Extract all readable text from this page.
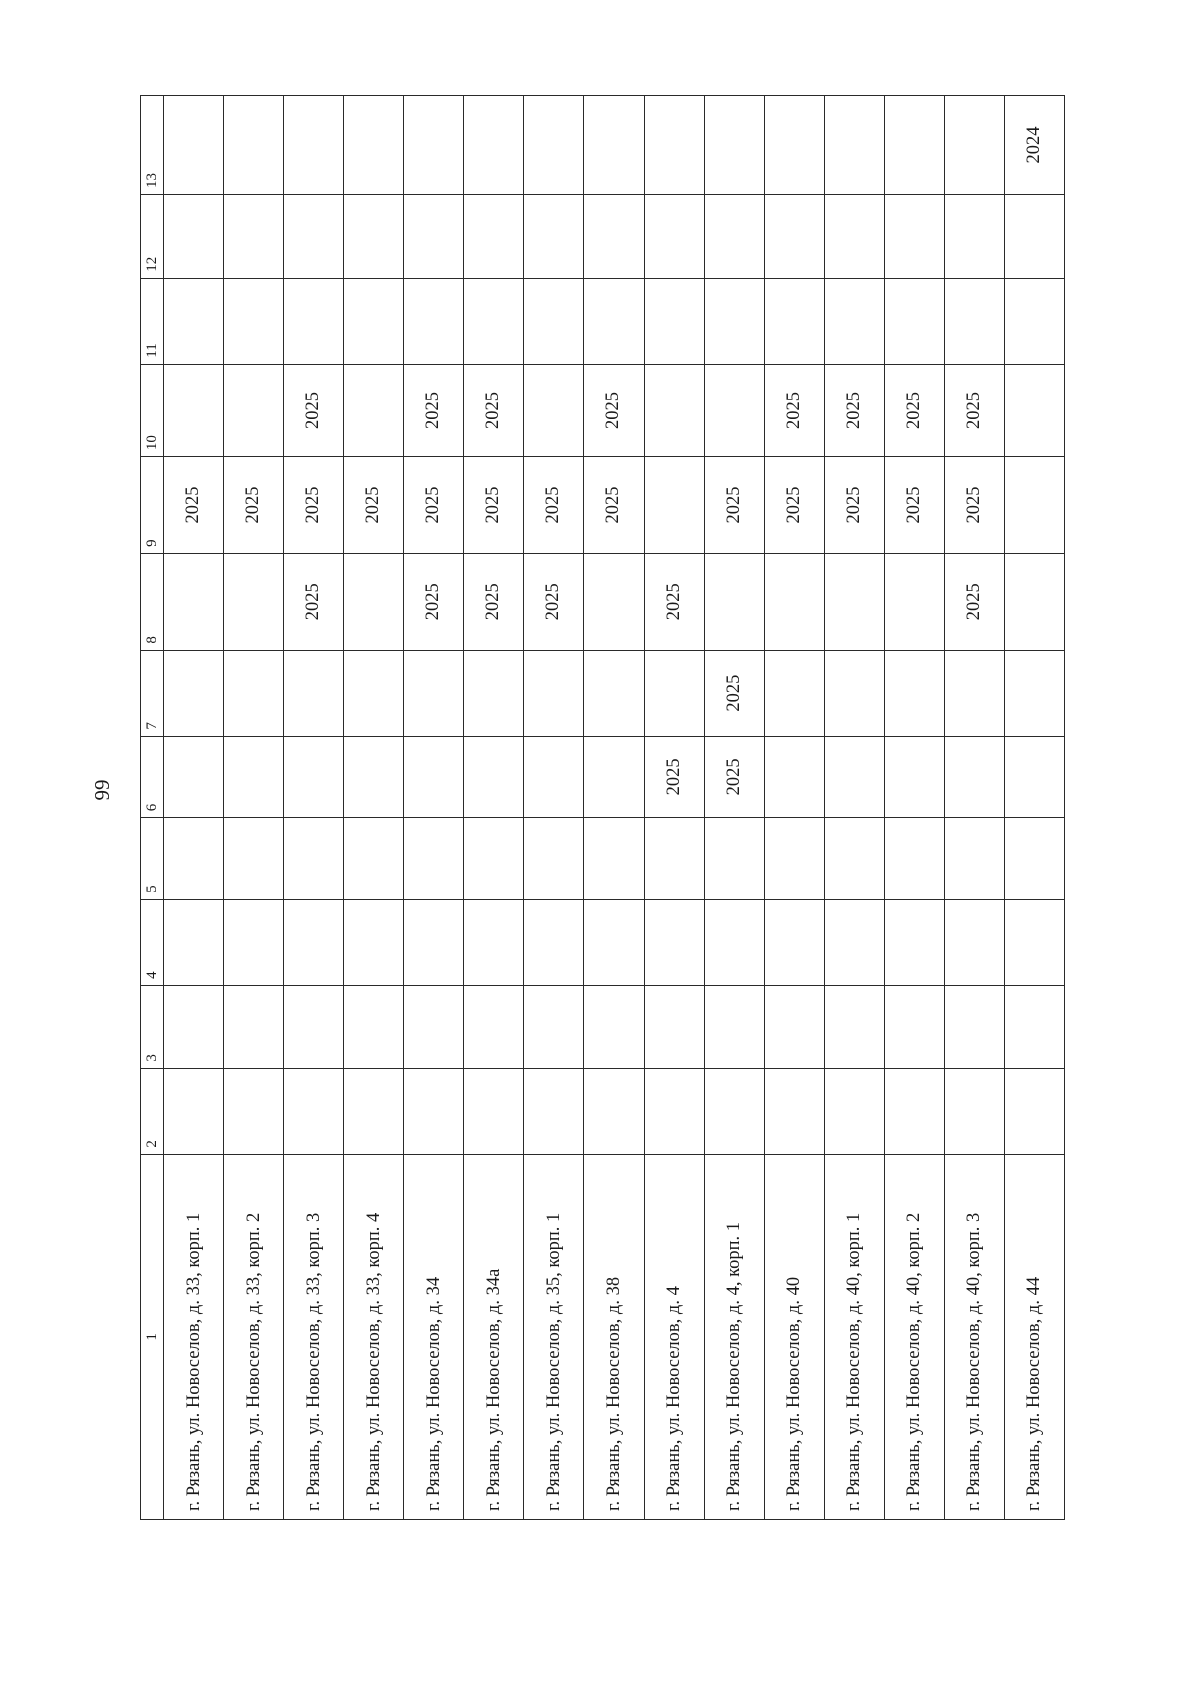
99
1	2	3	4	5	6	7	8	9	10	11	12	13
г. Рязань, ул. Новоселов, д. 33, корп. 1								2025				
г. Рязань, ул. Новоселов, д. 33, корп. 2								2025				
г. Рязань, ул. Новоселов, д. 33, корп. 3							2025	2025	2025			
г. Рязань, ул. Новоселов, д. 33, корп. 4								2025				
г. Рязань, ул. Новоселов, д. 34							2025	2025	2025			
г. Рязань, ул. Новоселов, д. 34а							2025	2025	2025			
г. Рязань, ул. Новоселов, д. 35, корп. 1							2025	2025				
г. Рязань, ул. Новоселов, д. 38								2025	2025			
г. Рязань, ул. Новоселов, д. 4					2025		2025					
г. Рязань, ул. Новоселов, д. 4, корп. 1					2025	2025		2025				
г. Рязань, ул. Новоселов, д. 40								2025	2025			
г. Рязань, ул. Новоселов, д. 40, корп. 1								2025	2025			
г. Рязань, ул. Новоселов, д. 40, корп. 2								2025	2025			
г. Рязань, ул. Новоселов, д. 40, корп. 3							2025	2025	2025			
г. Рязань, ул. Новоселов, д. 44												2024
